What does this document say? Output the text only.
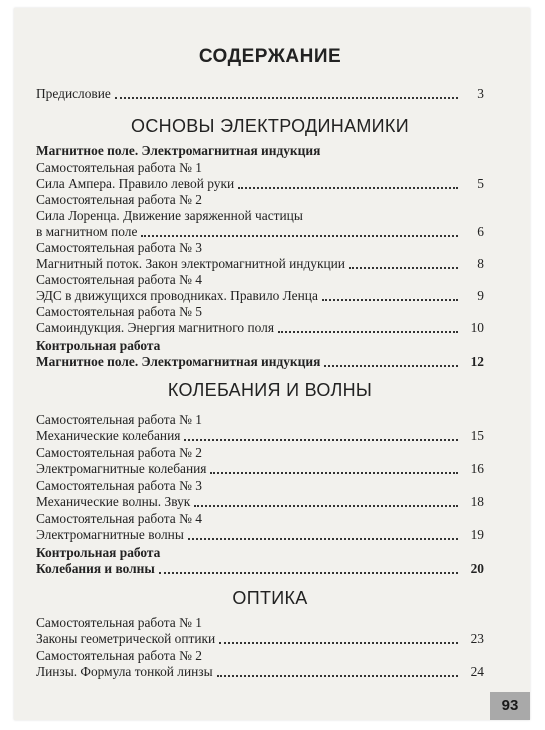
СОДЕРЖАНИЕ
Предисловие	3
ОСНОВЫ ЭЛЕКТРОДИНАМИКИ
Магнитное поле. Электромагнитная индукция
Самостоятельная работа № 1
Сила Ампера. Правило левой руки	5
Самостоятельная работа № 2
Сила Лоренца. Движение заряженной частицы
в магнитном поле	6
Самостоятельная работа № 3
Магнитный поток. Закон электромагнитной индукции	8
Самостоятельная работа № 4
ЭДС в движущихся проводниках. Правило Ленца	9
Самостоятельная работа № 5
Самоиндукция. Энергия магнитного поля	10
Контрольная работа
Магнитное поле. Электромагнитная индукция	12
КОЛЕБАНИЯ И ВОЛНЫ
Самостоятельная работа № 1
Механические колебания	15
Самостоятельная работа № 2
Электромагнитные колебания	16
Самостоятельная работа № 3
Механические волны. Звук	18
Самостоятельная работа № 4
Электромагнитные волны	19
Контрольная работа
Колебания и волны	20
ОПТИКА
Самостоятельная работа № 1
Законы геометрической оптики	23
Самостоятельная работа № 2
Линзы. Формула тонкой линзы	24
93
